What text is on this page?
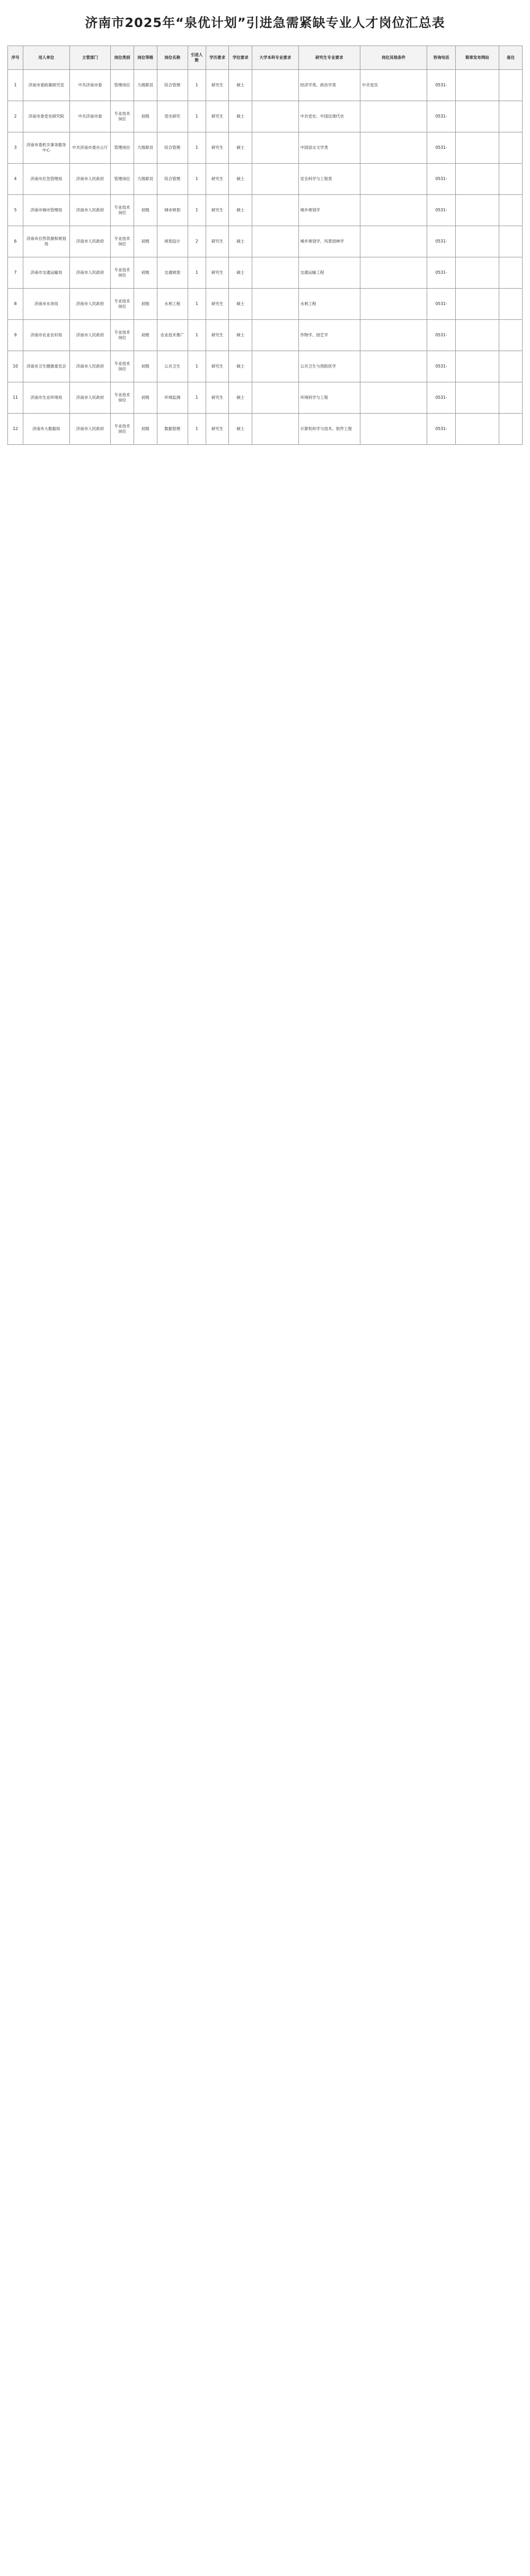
济南市2025年“泉优计划”引进急需紧缺专业人才岗位汇总表
序号	用人单位	主管部门	岗位类别	岗位等级	岗位名称	引进人数	学历要求	学位要求	大学本科专业要求	研究生专业要求	岗位其他条件	咨询电话	简章发布网站	备注
1	济南市委政策研究室	中共济南市委	管理岗位	九级职员	综合管理	1	研究生	硕士		经济学类、政治学类	中共党员	0531-		
2	济南市委党史研究院	中共济南市委	专业技术岗位	初级	党史研究	1	研究生	硕士		中共党史、中国近现代史		0531-		
3	济南市委机关事务服务中心	中共济南市委办公厅	管理岗位	九级职员	综合管理	1	研究生	硕士		中国语言文学类		0531-		
4	济南市应急管理局	济南市人民政府	管理岗位	九级职员	综合管理	1	研究生	硕士		安全科学与工程类		0531-		
5	济南市城市管理局	济南市人民政府	专业技术岗位	初级	城市规划	1	研究生	硕士		城乡规划学		0531-		
6	济南市自然资源和规划局	济南市人民政府	专业技术岗位	初级	规划设计	2	研究生	硕士		城乡规划学、风景园林学		0531-		
7	济南市交通运输局	济南市人民政府	专业技术岗位	初级	交通规划	1	研究生	硕士		交通运输工程		0531-		
8	济南市水务局	济南市人民政府	专业技术岗位	初级	水利工程	1	研究生	硕士		水利工程		0531-		
9	济南市农业农村局	济南市人民政府	专业技术岗位	初级	农业技术推广	1	研究生	硕士		作物学、园艺学		0531-		
10	济南市卫生健康委员会	济南市人民政府	专业技术岗位	初级	公共卫生	1	研究生	硕士		公共卫生与预防医学		0531-		
11	济南市生态环境局	济南市人民政府	专业技术岗位	初级	环境监测	1	研究生	硕士		环境科学与工程		0531-		
12	济南市大数据局	济南市人民政府	专业技术岗位	初级	数据管理	1	研究生	硕士		计算机科学与技术、软件工程		0531-		
